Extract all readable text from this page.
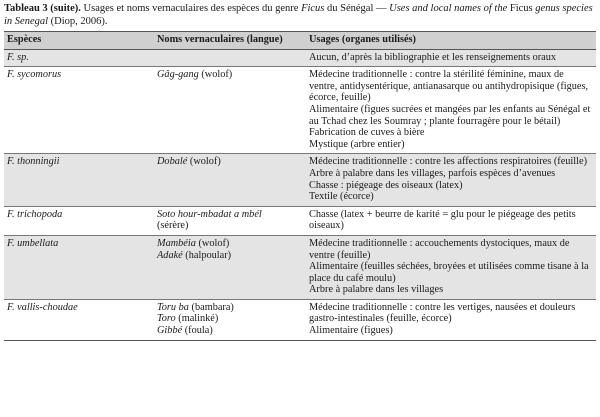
Tableau 3 (suite). Usages et noms vernaculaires des espèces du genre Ficus du Sénégal — Uses and local names of the Ficus genus species in Senegal (Diop, 2006).

Espèces	Noms vernaculaires (langue)	Usages (organes utilisés)
F. sp.		Aucun, d’après la bibliographie et les renseignements oraux

F. sycomorus	Gâg-gang (wolof)	Médecine traditionnelle : contre la stérilité féminine, maux de ventre, antidysentérique, antianasarque ou antihydropisique (figues, écorce, feuille)
Alimentaire (figues sucrées et mangées par les enfants au Sénégal et au Tchad chez les Soumray ; plante fourragère pour le bétail)
Fabrication de cuves à bière
Mystique (arbre entier)

F. thonningii	Dobalé (wolof)	Médecine traditionnelle : contre les affections respiratoires (feuille)
Arbre à palabre dans les villages, parfois espèces d’avenues
Chasse : piégeage des oiseaux (latex)
Textile (écorce)

F. trichopoda	Soto hour-mbadat a mbél
(sérère)	Chasse (latex + beurre de karité = glu pour le piégeage des petits oiseaux)

F. umbellata	Mambéia (wolof)
Adaké (halpoular)	Médecine traditionnelle : accouchements dystociques, maux de ventre (feuille)
Alimentaire (feuilles séchées, broyées et utilisées comme tisane à la place du café moulu)
Arbre à palabre dans les villages

F. vallis-choudae	Toru ba (bambara)
Toro (malinké)
Gibbé (foula)	Médecine traditionnelle : contre les vertiges, nausées et douleurs gastro-intestinales (feuille, écorce)
Alimentaire (figues)
